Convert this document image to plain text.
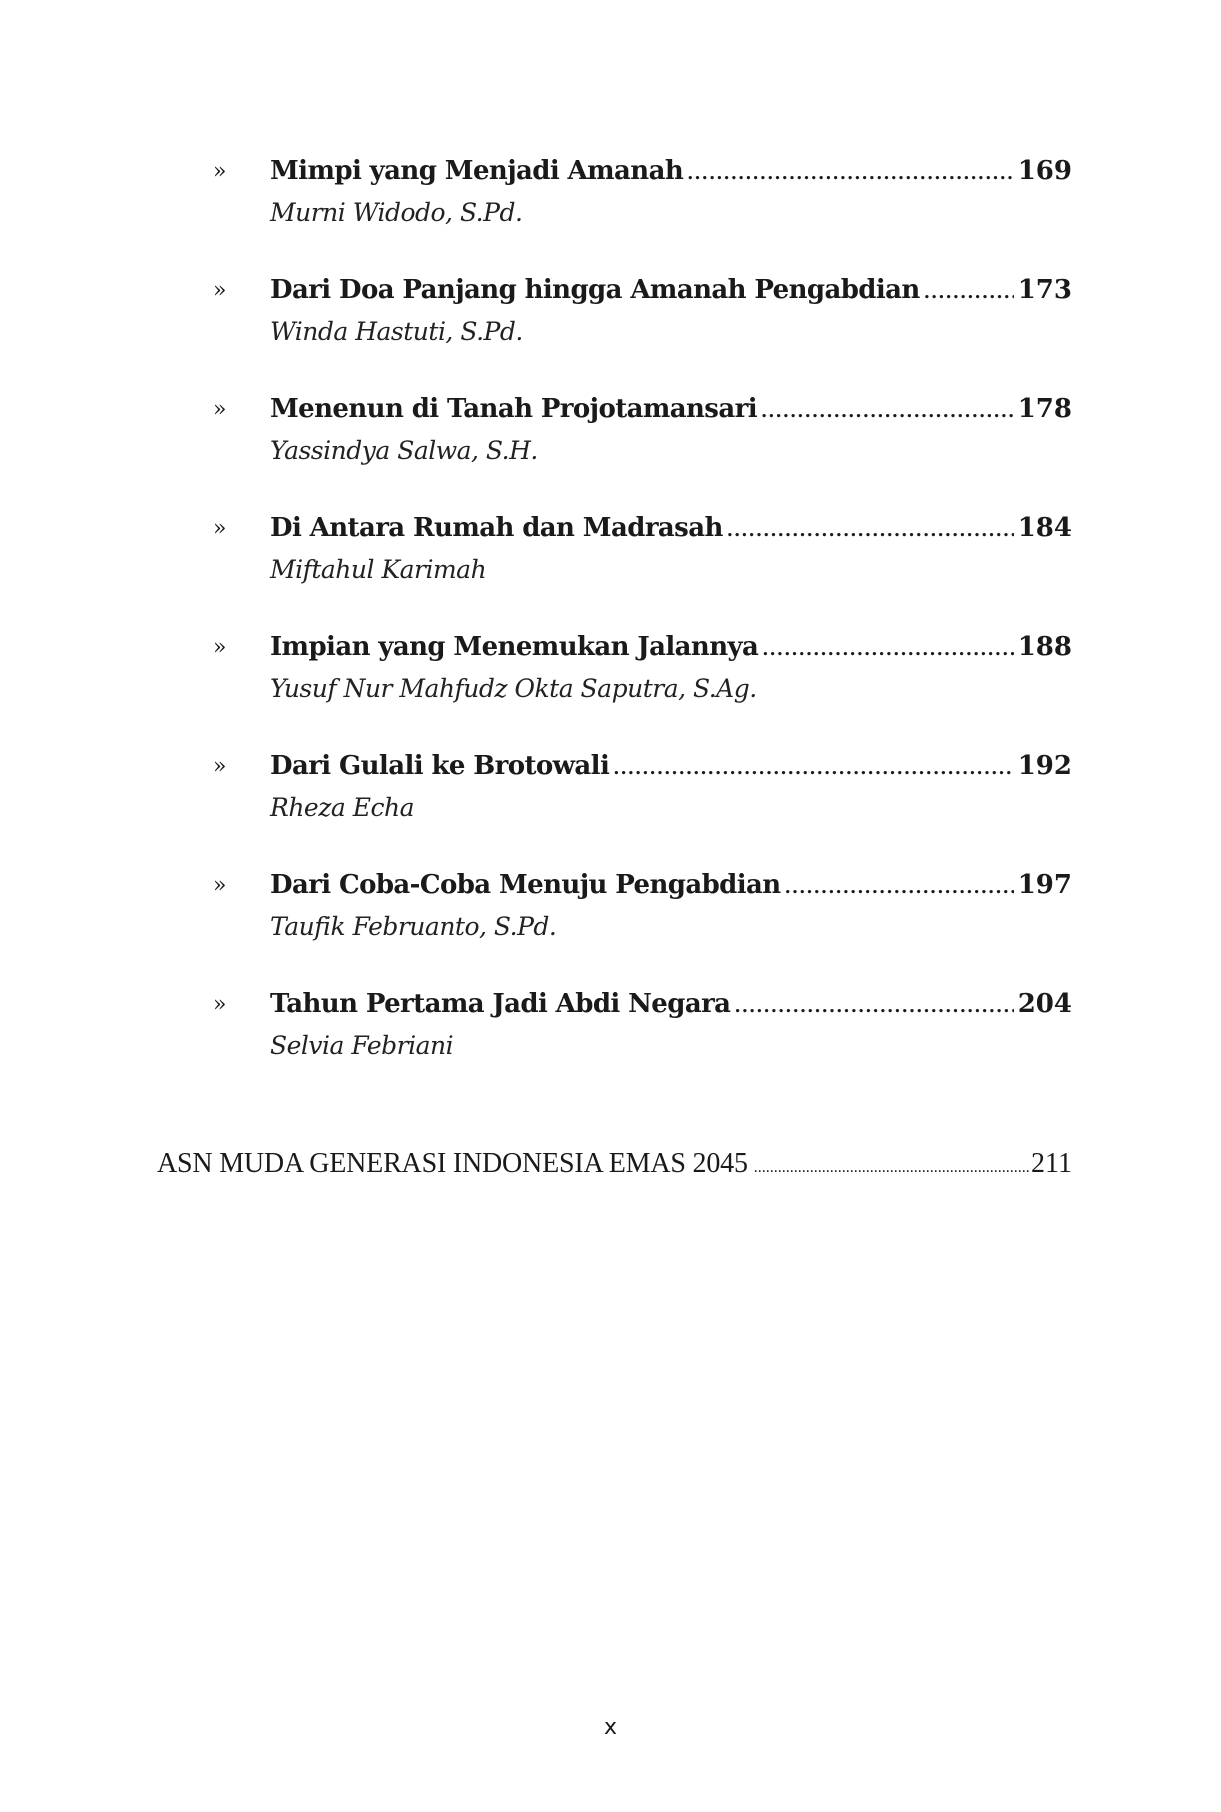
» Mimpi yang Menjadi Amanah .....	169
Murni Widodo, S.Pd.
» Dari Doa Panjang hingga Amanah Pengabdian .....	173
Winda Hastuti, S.Pd.
» Menenun di Tanah Projotamansari .....	178
Yassindya Salwa, S.H.
» Di Antara Rumah dan Madrasah .....	184
Miftahul Karimah
» Impian yang Menemukan Jalannya .....	188
Yusuf Nur Mahfudz Okta Saputra, S.Ag.
» Dari Gulali ke Brotowali .....	192
Rheza Echa
» Dari Coba-Coba Menuju Pengabdian .....	197
Taufik Februanto, S.Pd.
» Tahun Pertama Jadi Abdi Negara .....	204
Selvia Febriani
ASN MUDA GENERASI INDONESIA EMAS 2045 .....	211
x
